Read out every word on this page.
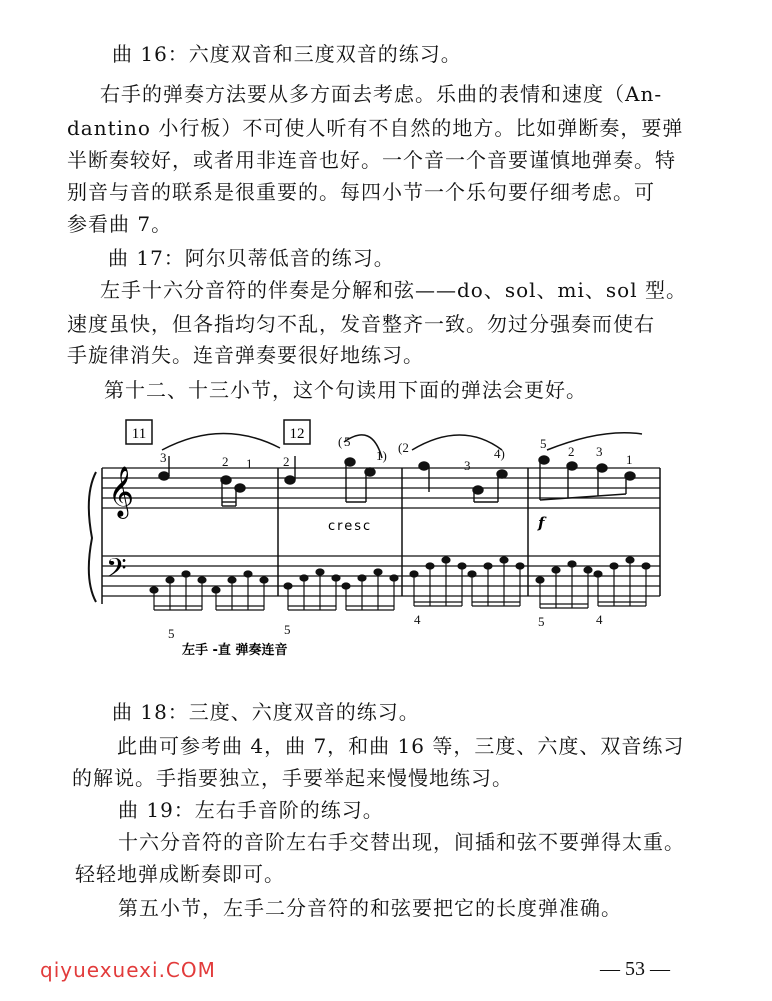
曲 16：六度双音和三度双音的练习。

右手的弹奏方法要从多方面去考虑。乐曲的表情和速度（An-

dantino 小行板）不可使人听有不自然的地方。比如弹断奏，要弹

半断奏较好，或者用非连音也好。一个音一个音要谨慎地弹奏。特

别音与音的联系是很重要的。每四小节一个乐句要仔细考虑。可

参看曲 7。

曲 17：阿尔贝蒂低音的练习。

左手十六分音符的伴奏是分解和弦——do、sol、mi、sol 型。

速度虽快，但各指均匀不乱，发音整齐一致。勿过分强奏而使右

手旋律消失。连音弹奏要很好地练习。

第十二、十三小节，这个句读用下面的弹法会更好。

11	12
𝄞
𝄢
3	2 1 2
5
1)
(2
3
4)
5
2 3
1
(
cresc	f
5	5
4	5	4
左手 -直 弹奏连音

曲 18：三度、六度双音的练习。

此曲可参考曲 4，曲 7，和曲 16 等，三度、六度、双音练习

的解说。手指要独立，手要举起来慢慢地练习。

曲 19：左右手音阶的练习。

十六分音符的音阶左右手交替出现，间插和弦不要弹得太重。

轻轻地弹成断奏即可。

第五小节，左手二分音符的和弦要把它的长度弹准确。

qiyuexuexi.COM	— 53 —
